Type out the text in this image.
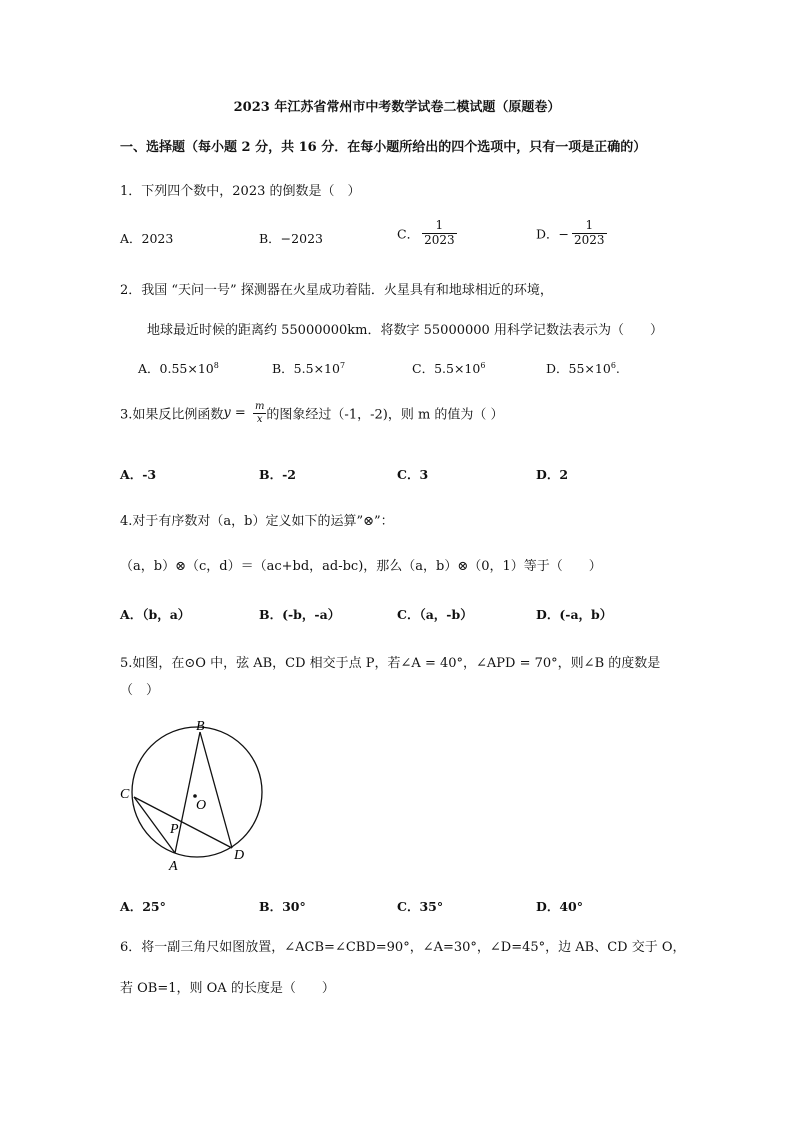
2023 年江苏省常州市中考数学试卷二模试题（原题卷）
一、选择题（每小题 2 分，共 16 分．在每小题所给出的四个选项中，只有一项是正确的）
1．下列四个数中，2023 的倒数是（　）
A．2023	B．−2023	C． $\frac{1}{2023}$	D．− $\frac{1}{2023}$
2．我国 “天问一号” 探测器在火星成功着陆．火星具有和地球相近的环境，
地球最近时候的距离约 55000000km．将数字 55000000 用科学记数法表示为（　　）
A．$0.55\times 10^8$	B．$5.5\times 10^7$	C．$5.5\times 10^6$	D．$55\times 10^6$.
3.如果反比例函数$y = \frac{m}{x}$ 的图象经过（-1，-2)，则 m 的值为（ ）
A．-3	B．-2	C．3	D．2
4.对于有序数对（a，b）定义如下的运算”⊗”：
（a，b）⊗（c，d）＝（ac+bd，ad-bc)，那么（a，b）⊗（0，1）等于（　　）
A．（b，a）	B．(-b，-a）	C．（a，-b）	D．(-a，b）
5.如图，在⊙O 中，弦 AB，CD 相交于点 P，若∠A = 40°，∠APD = 70°，则∠B 的度数是
（　）
B
C
O
P
A
D
A．25°	B．30°	C．35°	D．40°
6．将一副三角尺如图放置，∠ACB=∠CBD=90°，∠A=30°，∠D=45°，边 AB、CD 交于 O，
若 OB=1，则 OA 的长度是（　　）
